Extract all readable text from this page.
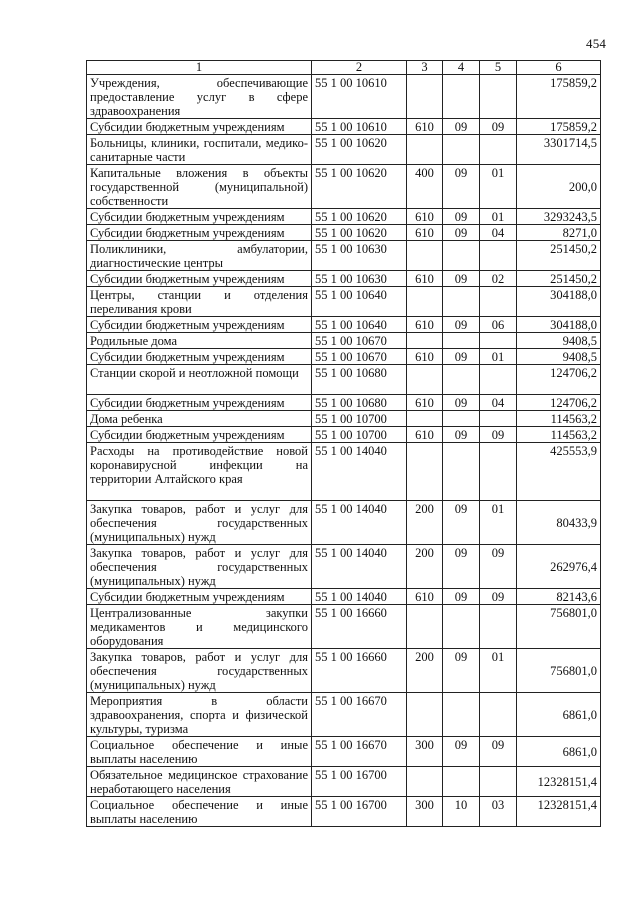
454
1	2	3	4	5	6
Учреждения, обеспечивающие предоставление услуг в сфере здравоохранения	55 1 00 10610				175859,2
Субсидии бюджетным учреждениям	55 1 00 10610	610	09	09	175859,2
Больницы, клиники, госпитали, медико-санитарные части	55 1 00 10620				3301714,5
Капитальные вложения в объекты государственной (муниципальной) собственности	55 1 00 10620	400	09	01	200,0
Субсидии бюджетным учреждениям	55 1 00 10620	610	09	01	3293243,5
Субсидии бюджетным учреждениям	55 1 00 10620	610	09	04	8271,0
Поликлиники, амбулатории, диагностические центры	55 1 00 10630				251450,2
Субсидии бюджетным учреждениям	55 1 00 10630	610	09	02	251450,2
Центры, станции и отделения переливания крови	55 1 00 10640				304188,0
Субсидии бюджетным учреждениям	55 1 00 10640	610	09	06	304188,0
Родильные дома	55 1 00 10670				9408,5
Субсидии бюджетным учреждениям	55 1 00 10670	610	09	01	9408,5
Станции скорой и неотложной помощи	55 1 00 10680				124706,2
Субсидии бюджетным учреждениям	55 1 00 10680	610	09	04	124706,2
Дома ребенка	55 1 00 10700				114563,2
Субсидии бюджетным учреждениям	55 1 00 10700	610	09	09	114563,2
Расходы на противодействие новой коронавирусной инфекции на территории Алтайского края	55 1 00 14040				425553,9
Закупка товаров, работ и услуг для обеспечения государственных (муниципальных) нужд	55 1 00 14040	200	09	01	80433,9
Закупка товаров, работ и услуг для обеспечения государственных (муниципальных) нужд	55 1 00 14040	200	09	09	262976,4
Субсидии бюджетным учреждениям	55 1 00 14040	610	09	09	82143,6
Централизованные закупки медикаментов и медицинского оборудования	55 1 00 16660				756801,0
Закупка товаров, работ и услуг для обеспечения государственных (муниципальных) нужд	55 1 00 16660	200	09	01	756801,0
Мероприятия в области здравоохранения, спорта и физической культуры, туризма	55 1 00 16670				6861,0
Социальное обеспечение и иные выплаты населению	55 1 00 16670	300	09	09	6861,0
Обязательное медицинское страхование неработающего населения	55 1 00 16700				12328151,4
Социальное обеспечение и иные выплаты населению	55 1 00 16700	300	10	03	12328151,4
